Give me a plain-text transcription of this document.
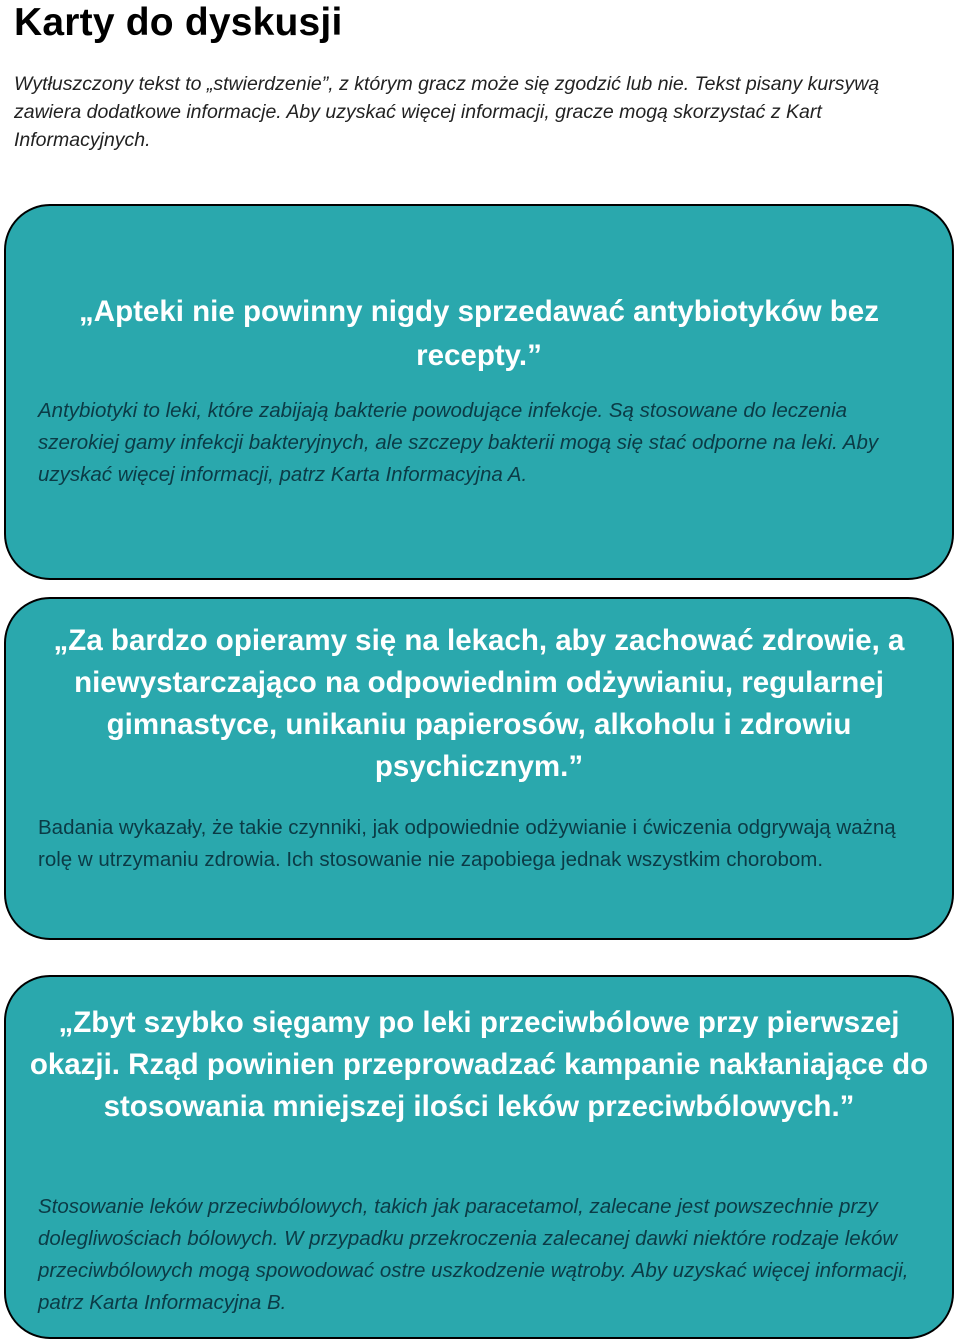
Karty do dyskusji

Wytłuszczony tekst to „stwierdzenie”, z którym gracz może się zgodzić lub nie. Tekst pisany kursywą zawiera dodatkowe informacje. Aby uzyskać więcej informacji, gracze mogą skorzystać z Kart Informacyjnych.

„Apteki nie powinny nigdy sprzedawać antybiotyków bez recepty.”

Antybiotyki to leki, które zabijają bakterie powodujące infekcje. Są stosowane do leczenia szerokiej gamy infekcji bakteryjnych, ale szczepy bakterii mogą się stać odporne na leki. Aby uzyskać więcej informacji, patrz Karta Informacyjna A.

„Za bardzo opieramy się na lekach, aby zachować zdrowie, a niewystarczająco na odpowiednim odżywianiu, regularnej gimnastyce, unikaniu papierosów, alkoholu i zdrowiu psychicznym.”

Badania wykazały, że takie czynniki, jak odpowiednie odżywianie i ćwiczenia odgrywają ważną rolę w utrzymaniu zdrowia. Ich stosowanie nie zapobiega jednak wszystkim chorobom.

„Zbyt szybko sięgamy po leki przeciwbólowe przy pierwszej okazji. Rząd powinien przeprowadzać kampanie nakłaniające do stosowania mniejszej ilości leków przeciwbólowych.”

Stosowanie leków przeciwbólowych, takich jak paracetamol, zalecane jest powszechnie przy dolegliwościach bólowych. W przypadku przekroczenia zalecanej dawki niektóre rodzaje leków przeciwbólowych mogą spowodować ostre uszkodzenie wątroby. Aby uzyskać więcej informacji, patrz Karta Informacyjna B.
